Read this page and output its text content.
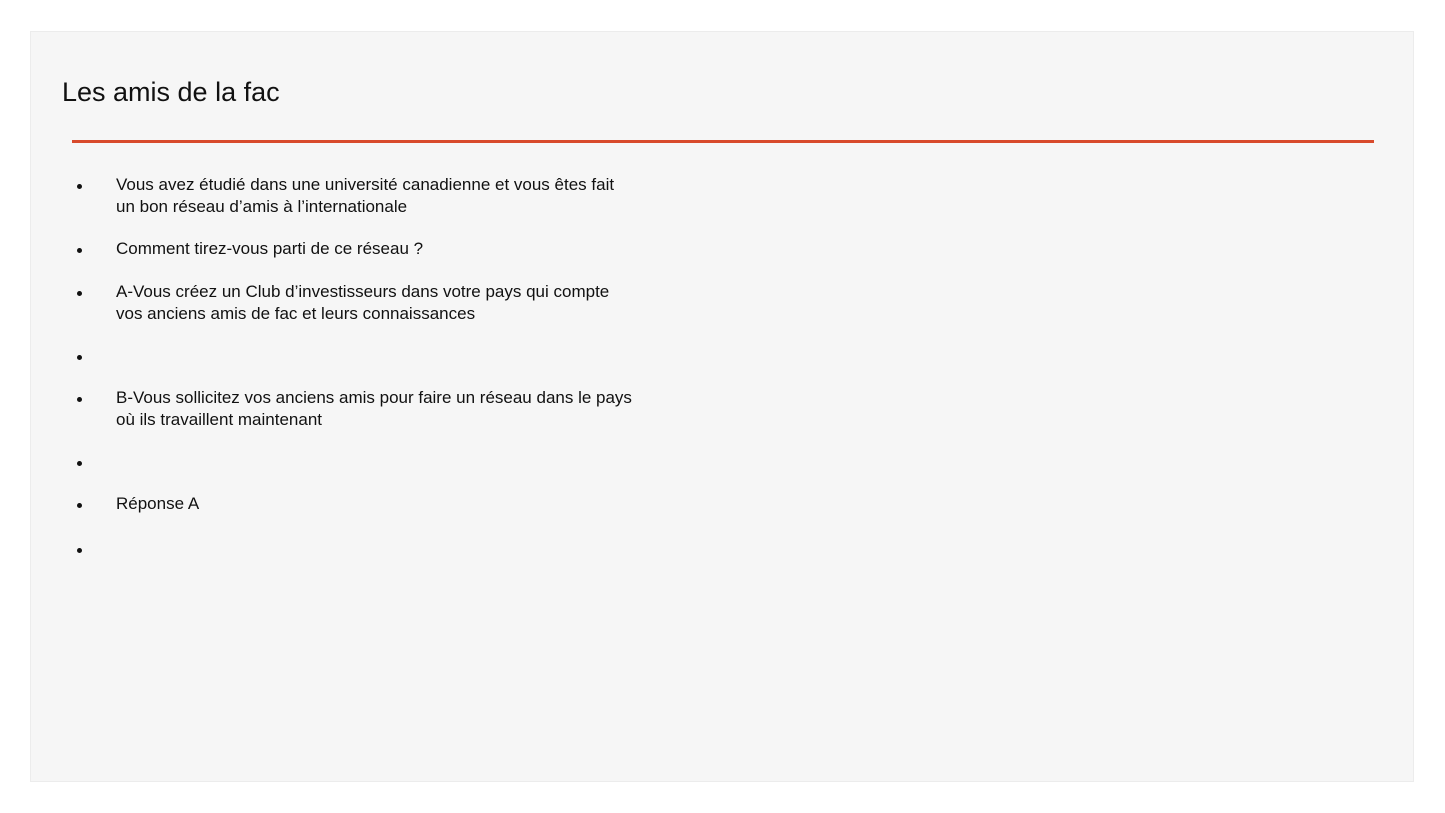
Les amis de la fac
Vous avez étudié dans une université canadienne et vous êtes fait un bon réseau d’amis à l’internationale
Comment tirez-vous parti de ce réseau ?
A-Vous créez un Club d’investisseurs dans votre pays qui compte vos anciens amis de fac et leurs connaissances
B-Vous sollicitez vos anciens amis pour faire un réseau dans le pays où ils travaillent maintenant
Réponse A
